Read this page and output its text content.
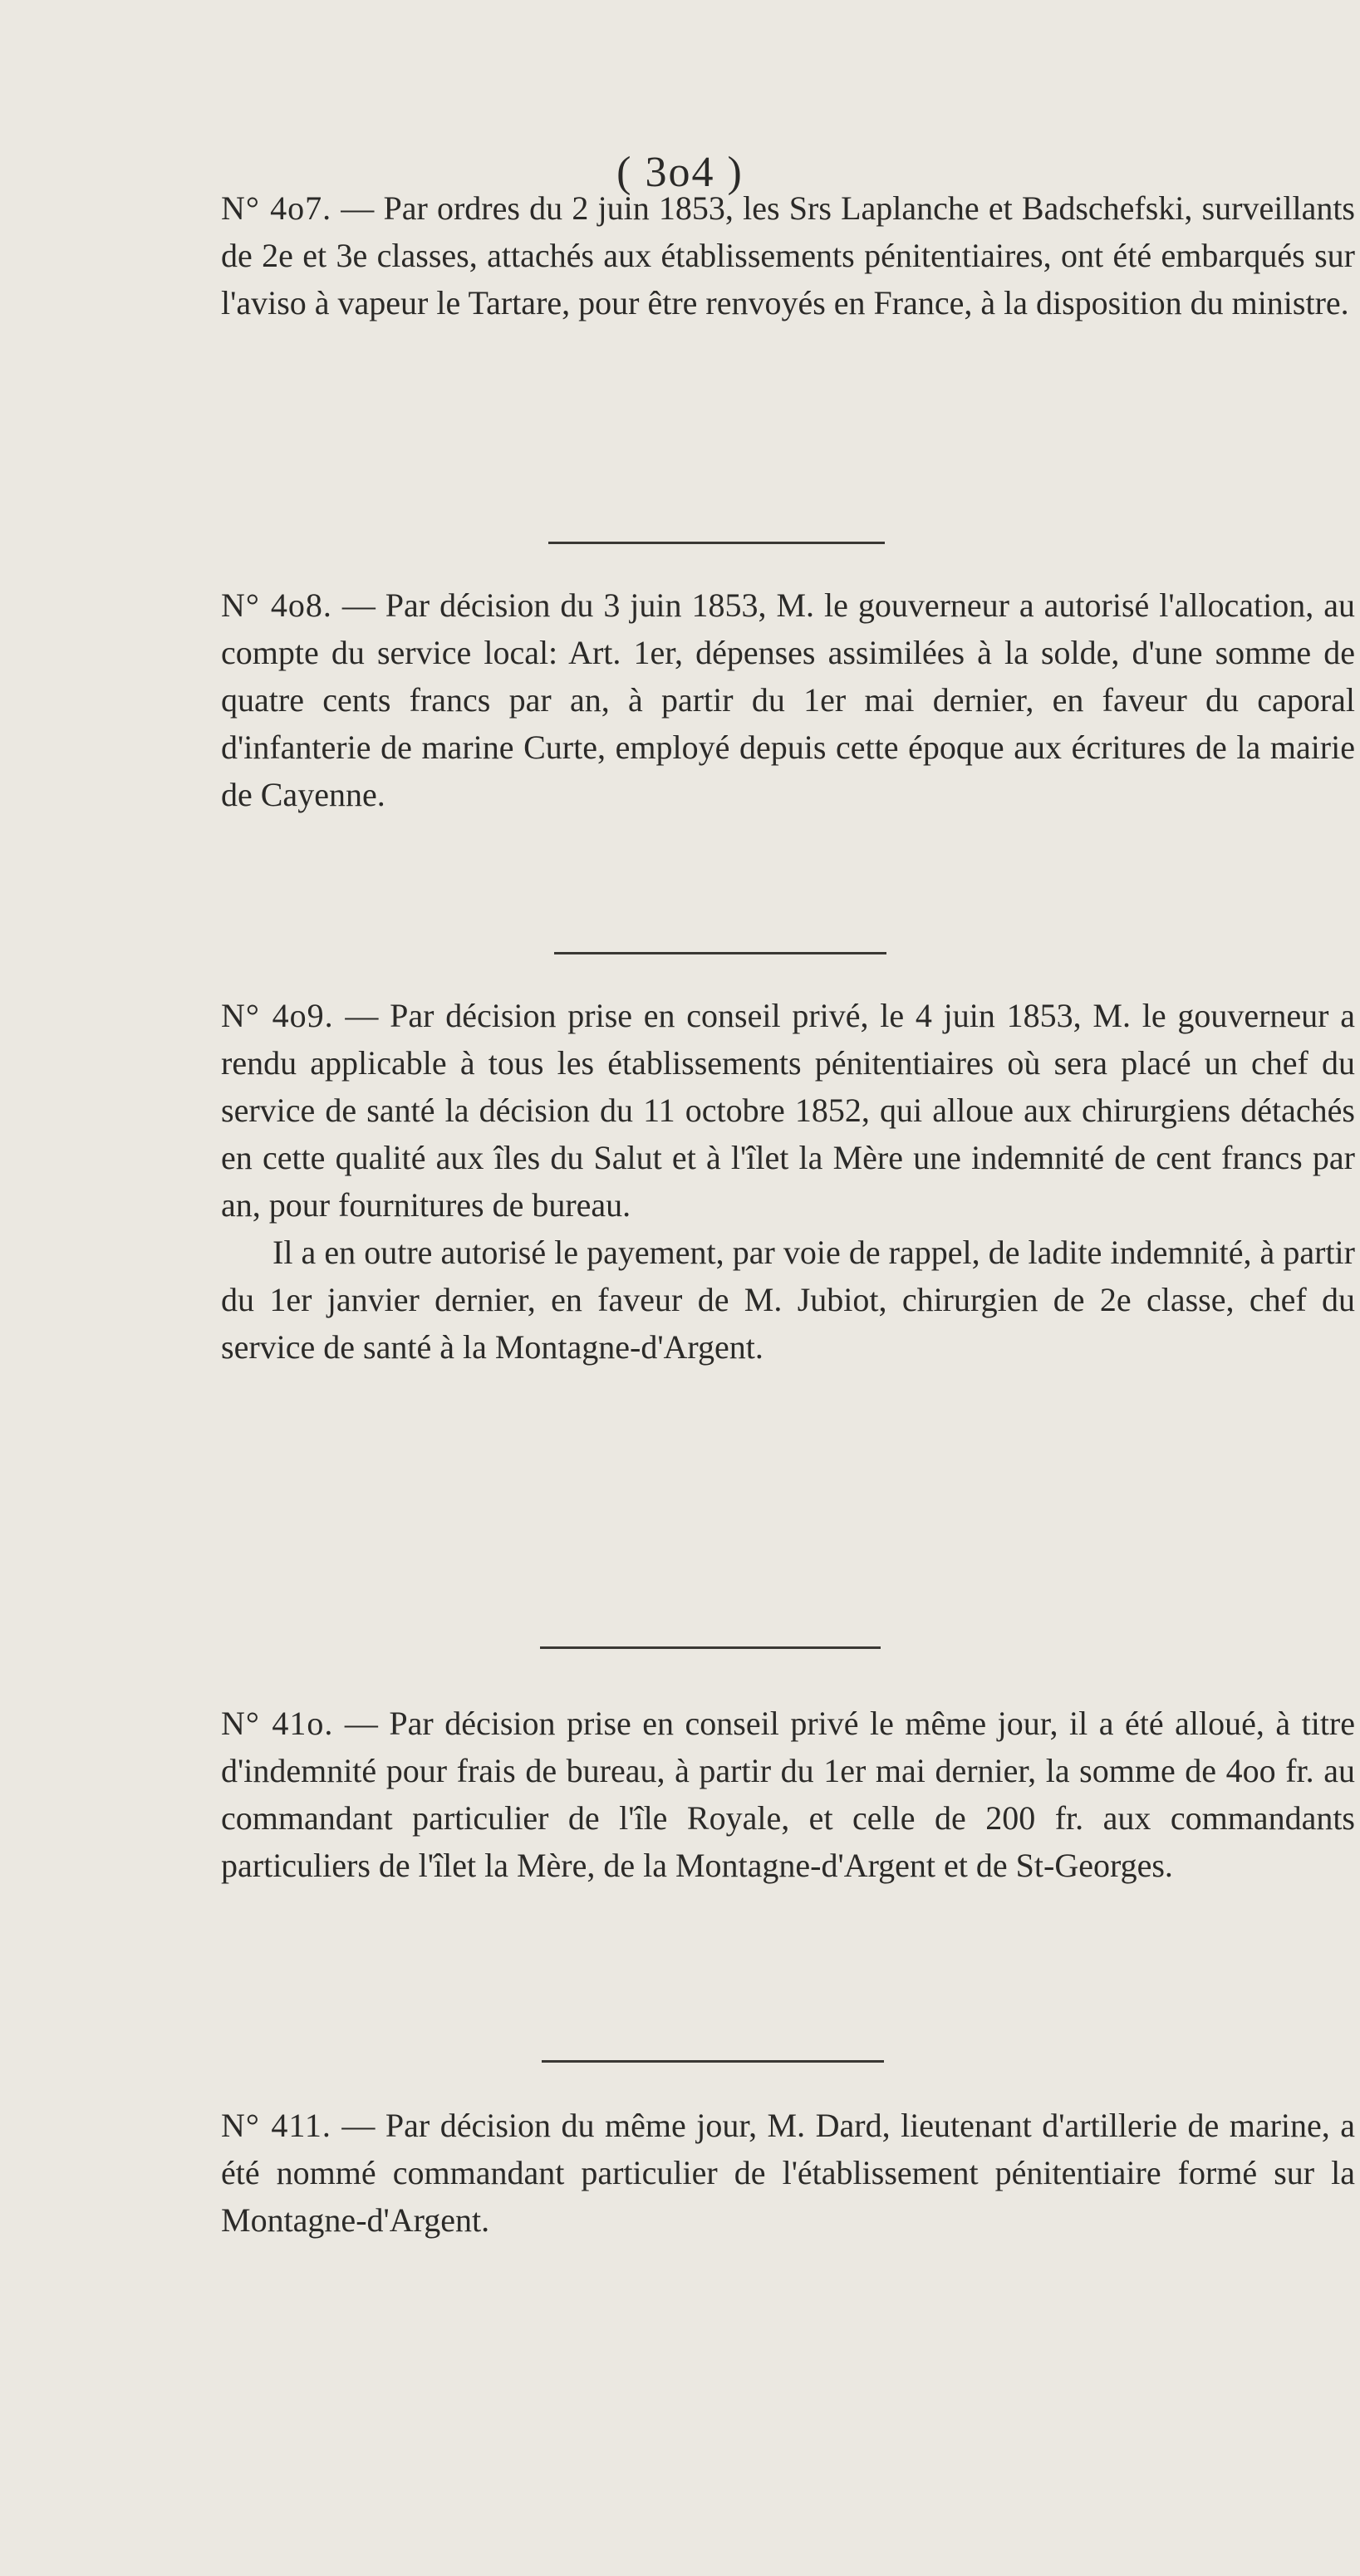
( 3o4 )

N° 4o7. — Par ordres du 2 juin 1853, les Srs Laplanche et Badschefski, surveillants de 2e et 3e classes, attachés aux établissements pénitentiaires, ont été embarqués sur l'aviso à vapeur le Tartare, pour être renvoyés en France, à la disposition du ministre.

N° 4o8. — Par décision du 3 juin 1853, M. le gouverneur a autorisé l'allocation, au compte du service local: Art. 1er, dépenses assimilées à la solde, d'une somme de quatre cents francs par an, à partir du 1er mai dernier, en faveur du caporal d'infanterie de marine Curte, employé depuis cette époque aux écritures de la mairie de Cayenne.

N° 4o9. — Par décision prise en conseil privé, le 4 juin 1853, M. le gouverneur a rendu applicable à tous les établissements pénitentiaires où sera placé un chef du service de santé la décision du 11 octobre 1852, qui alloue aux chirurgiens détachés en cette qualité aux îles du Salut et à l'îlet la Mère une indemnité de cent francs par an, pour fournitures de bureau.

Il a en outre autorisé le payement, par voie de rappel, de ladite indemnité, à partir du 1er janvier dernier, en faveur de M. Jubiot, chirurgien de 2e classe, chef du service de santé à la Montagne-d'Argent.

N° 41o. — Par décision prise en conseil privé le même jour, il a été alloué, à titre d'indemnité pour frais de bureau, à partir du 1er mai dernier, la somme de 4oo fr. au commandant particulier de l'île Royale, et celle de 200 fr. aux commandants particuliers de l'îlet la Mère, de la Montagne-d'Argent et de St-Georges.

N° 411. — Par décision du même jour, M. Dard, lieutenant d'artillerie de marine, a été nommé commandant particulier de l'établissement pénitentiaire formé sur la Montagne-d'Argent.
